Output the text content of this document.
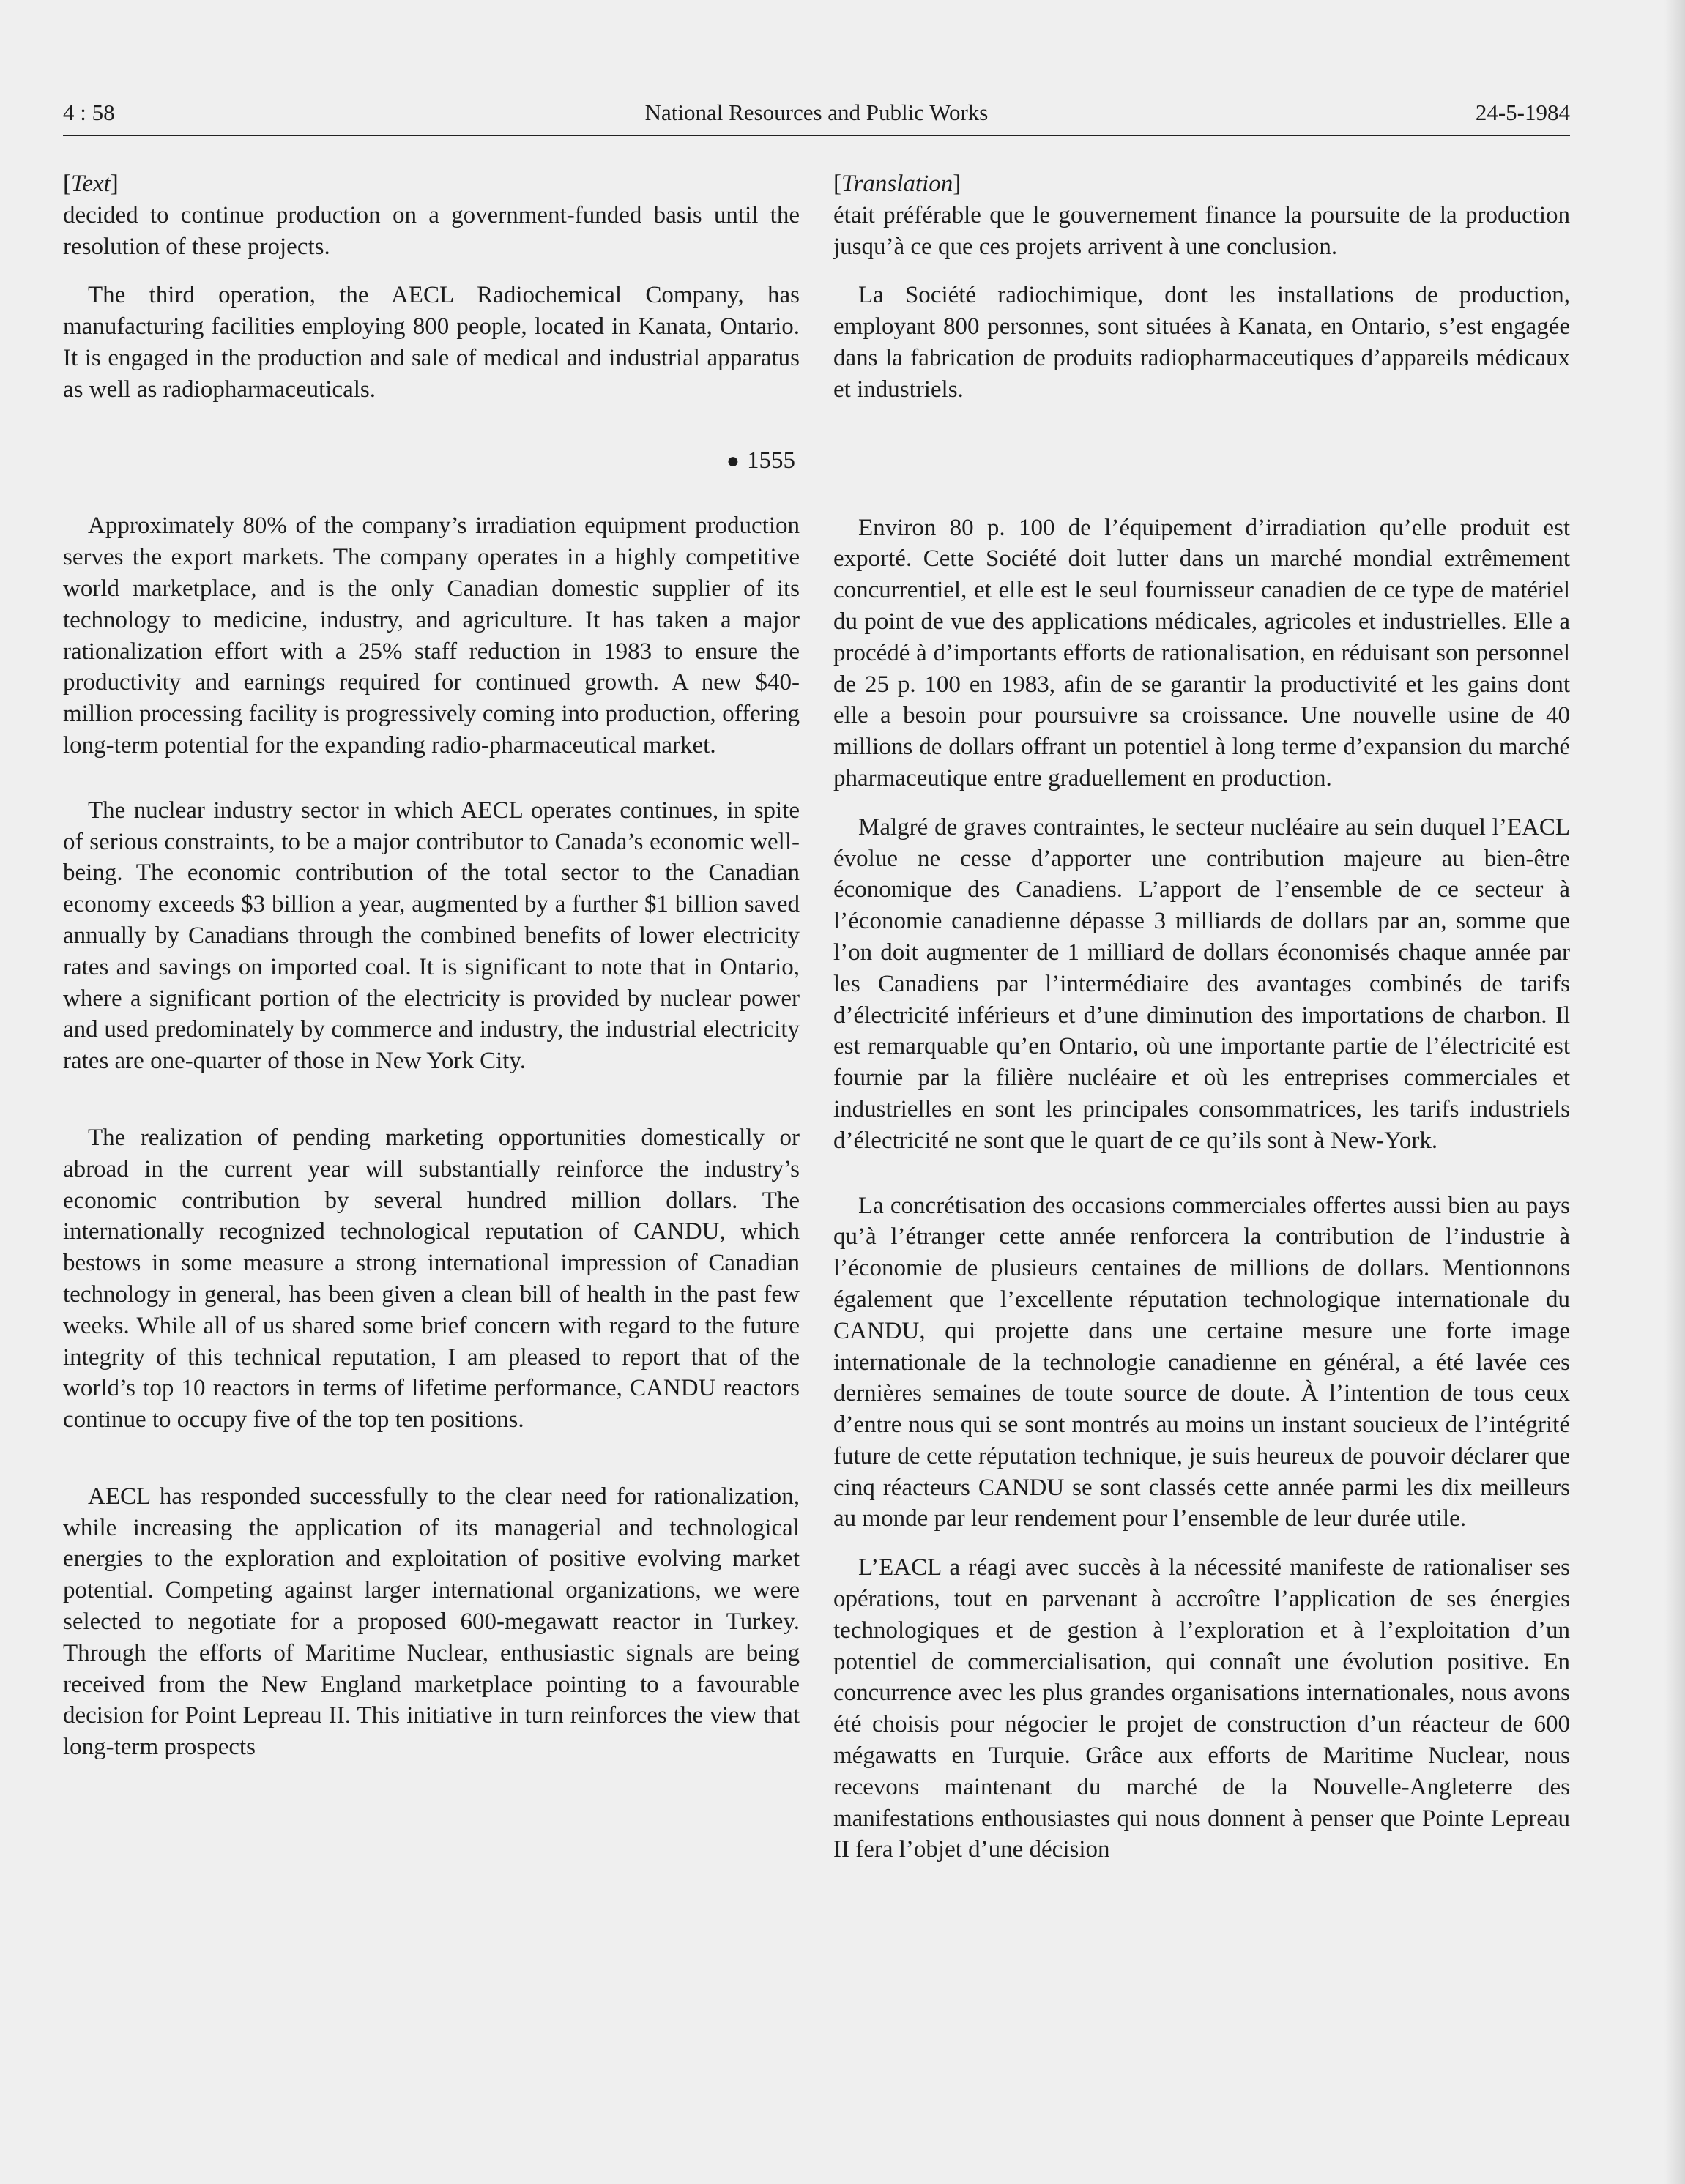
4 : 58	National Resources and Public Works	24-5-1984

[Text]

decided to continue production on a government-funded basis until the resolution of these projects.

The third operation, the AECL Radiochemical Company, has manufacturing facilities employing 800 people, located in Kanata, Ontario. It is engaged in the production and sale of medical and industrial apparatus as well as radiopharmaceuticals.

● 1555

Approximately 80% of the company’s irradiation equipment production serves the export markets. The company operates in a highly competitive world marketplace, and is the only Canadian domestic supplier of its technology to medicine, industry, and agriculture. It has taken a major rationalization effort with a 25% staff reduction in 1983 to ensure the productivity and earnings required for continued growth. A new $40-million processing facility is progressively coming into production, offering long-term potential for the expanding radio-pharmaceutical market.

The nuclear industry sector in which AECL operates continues, in spite of serious constraints, to be a major contributor to Canada’s economic well-being. The economic contribution of the total sector to the Canadian economy exceeds $3 billion a year, augmented by a further $1 billion saved annually by Canadians through the combined benefits of lower electricity rates and savings on imported coal. It is significant to note that in Ontario, where a significant portion of the electricity is provided by nuclear power and used predominately by commerce and industry, the industrial electricity rates are one-quarter of those in New York City.

The realization of pending marketing opportunities domestically or abroad in the current year will substantially reinforce the industry’s economic contribution by several hundred million dollars. The internationally recognized technological reputation of CANDU, which bestows in some measure a strong international impression of Canadian technology in general, has been given a clean bill of health in the past few weeks. While all of us shared some brief concern with regard to the future integrity of this technical reputation, I am pleased to report that of the world’s top 10 reactors in terms of lifetime performance, CANDU reactors continue to occupy five of the top ten positions.

AECL has responded successfully to the clear need for rationalization, while increasing the application of its managerial and technological energies to the exploration and exploitation of positive evolving market potential. Competing against larger international organizations, we were selected to negotiate for a proposed 600-megawatt reactor in Turkey. Through the efforts of Maritime Nuclear, enthusiastic signals are being received from the New England marketplace pointing to a favourable decision for Point Lepreau II. This initiative in turn reinforces the view that long-term prospects

[Translation]

était préférable que le gouvernement finance la poursuite de la production jusqu’à ce que ces projets arrivent à une conclusion.

La Société radiochimique, dont les installations de production, employant 800 personnes, sont situées à Kanata, en Ontario, s’est engagée dans la fabrication de produits radiopharmaceutiques d’appareils médicaux et industriels.

Environ 80 p. 100 de l’équipement d’irradiation qu’elle produit est exporté. Cette Société doit lutter dans un marché mondial extrêmement concurrentiel, et elle est le seul fournisseur canadien de ce type de matériel du point de vue des applications médicales, agricoles et industrielles. Elle a procédé à d’importants efforts de rationalisation, en réduisant son personnel de 25 p. 100 en 1983, afin de se garantir la productivité et les gains dont elle a besoin pour poursuivre sa croissance. Une nouvelle usine de 40 millions de dollars offrant un potentiel à long terme d’expansion du marché pharmaceutique entre graduellement en production.

Malgré de graves contraintes, le secteur nucléaire au sein duquel l’EACL évolue ne cesse d’apporter une contribution majeure au bien-être économique des Canadiens. L’apport de l’ensemble de ce secteur à l’économie canadienne dépasse 3 milliards de dollars par an, somme que l’on doit augmenter de 1 milliard de dollars économisés chaque année par les Canadiens par l’intermédiaire des avantages combinés de tarifs d’électricité inférieurs et d’une diminution des importations de charbon. Il est remarquable qu’en Ontario, où une importante partie de l’électricité est fournie par la filière nucléaire et où les entreprises commerciales et industrielles en sont les principales consommatrices, les tarifs industriels d’électricité ne sont que le quart de ce qu’ils sont à New-York.

La concrétisation des occasions commerciales offertes aussi bien au pays qu’à l’étranger cette année renforcera la contribution de l’industrie à l’économie de plusieurs centaines de millions de dollars. Mentionnons également que l’excellente réputation technologique internationale du CANDU, qui projette dans une certaine mesure une forte image internationale de la technologie canadienne en général, a été lavée ces dernières semaines de toute source de doute. À l’intention de tous ceux d’entre nous qui se sont montrés au moins un instant soucieux de l’intégrité future de cette réputation technique, je suis heureux de pouvoir déclarer que cinq réacteurs CANDU se sont classés cette année parmi les dix meilleurs au monde par leur rendement pour l’ensemble de leur durée utile.

L’EACL a réagi avec succès à la nécessité manifeste de rationaliser ses opérations, tout en parvenant à accroître l’application de ses énergies technologiques et de gestion à l’exploration et à l’exploitation d’un potentiel de commercialisation, qui connaît une évolution positive. En concurrence avec les plus grandes organisations internationales, nous avons été choisis pour négocier le projet de construction d’un réacteur de 600 mégawatts en Turquie. Grâce aux efforts de Maritime Nuclear, nous recevons maintenant du marché de la Nouvelle-Angleterre des manifestations enthousiastes qui nous donnent à penser que Pointe Lepreau II fera l’objet d’une décision
